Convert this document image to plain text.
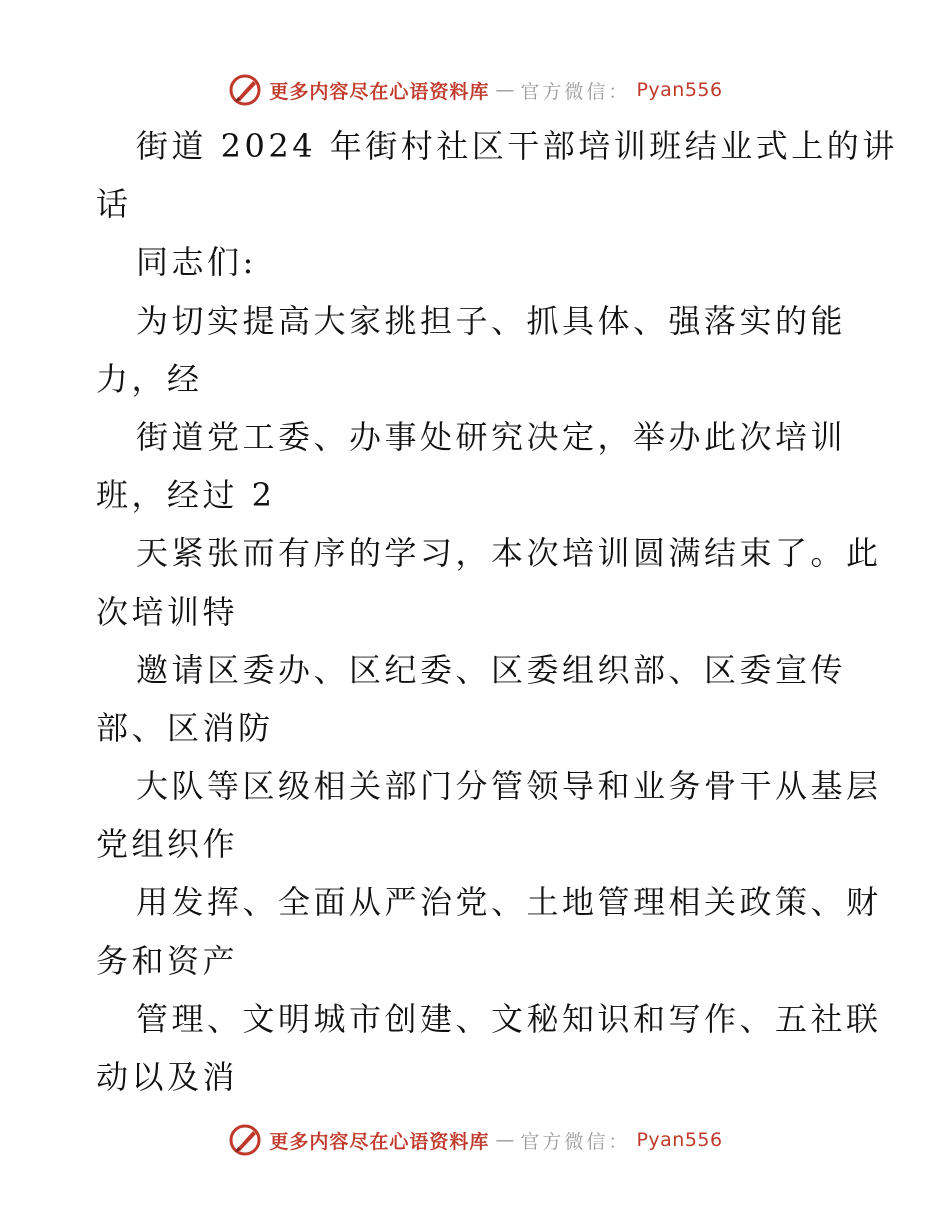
更多内容尽在心语资料库 — 官方微信： Pyan556
街道 2024 年街村社区干部培训班结业式上的讲
话
同志们:
为切实提高大家挑担子、抓具体、强落实的能
力，经
街道党工委、办事处研究决定，举办此次培训
班，经过 2
天紧张而有序的学习，本次培训圆满结束了。此
次培训特
邀请区委办、区纪委、区委组织部、区委宣传
部、区消防
大队等区级相关部门分管领导和业务骨干从基层
党组织作
用发挥、全面从严治党、土地管理相关政策、财
务和资产
管理、文明城市创建、文秘知识和写作、五社联
动以及消
更多内容尽在心语资料库 — 官方微信： Pyan556
